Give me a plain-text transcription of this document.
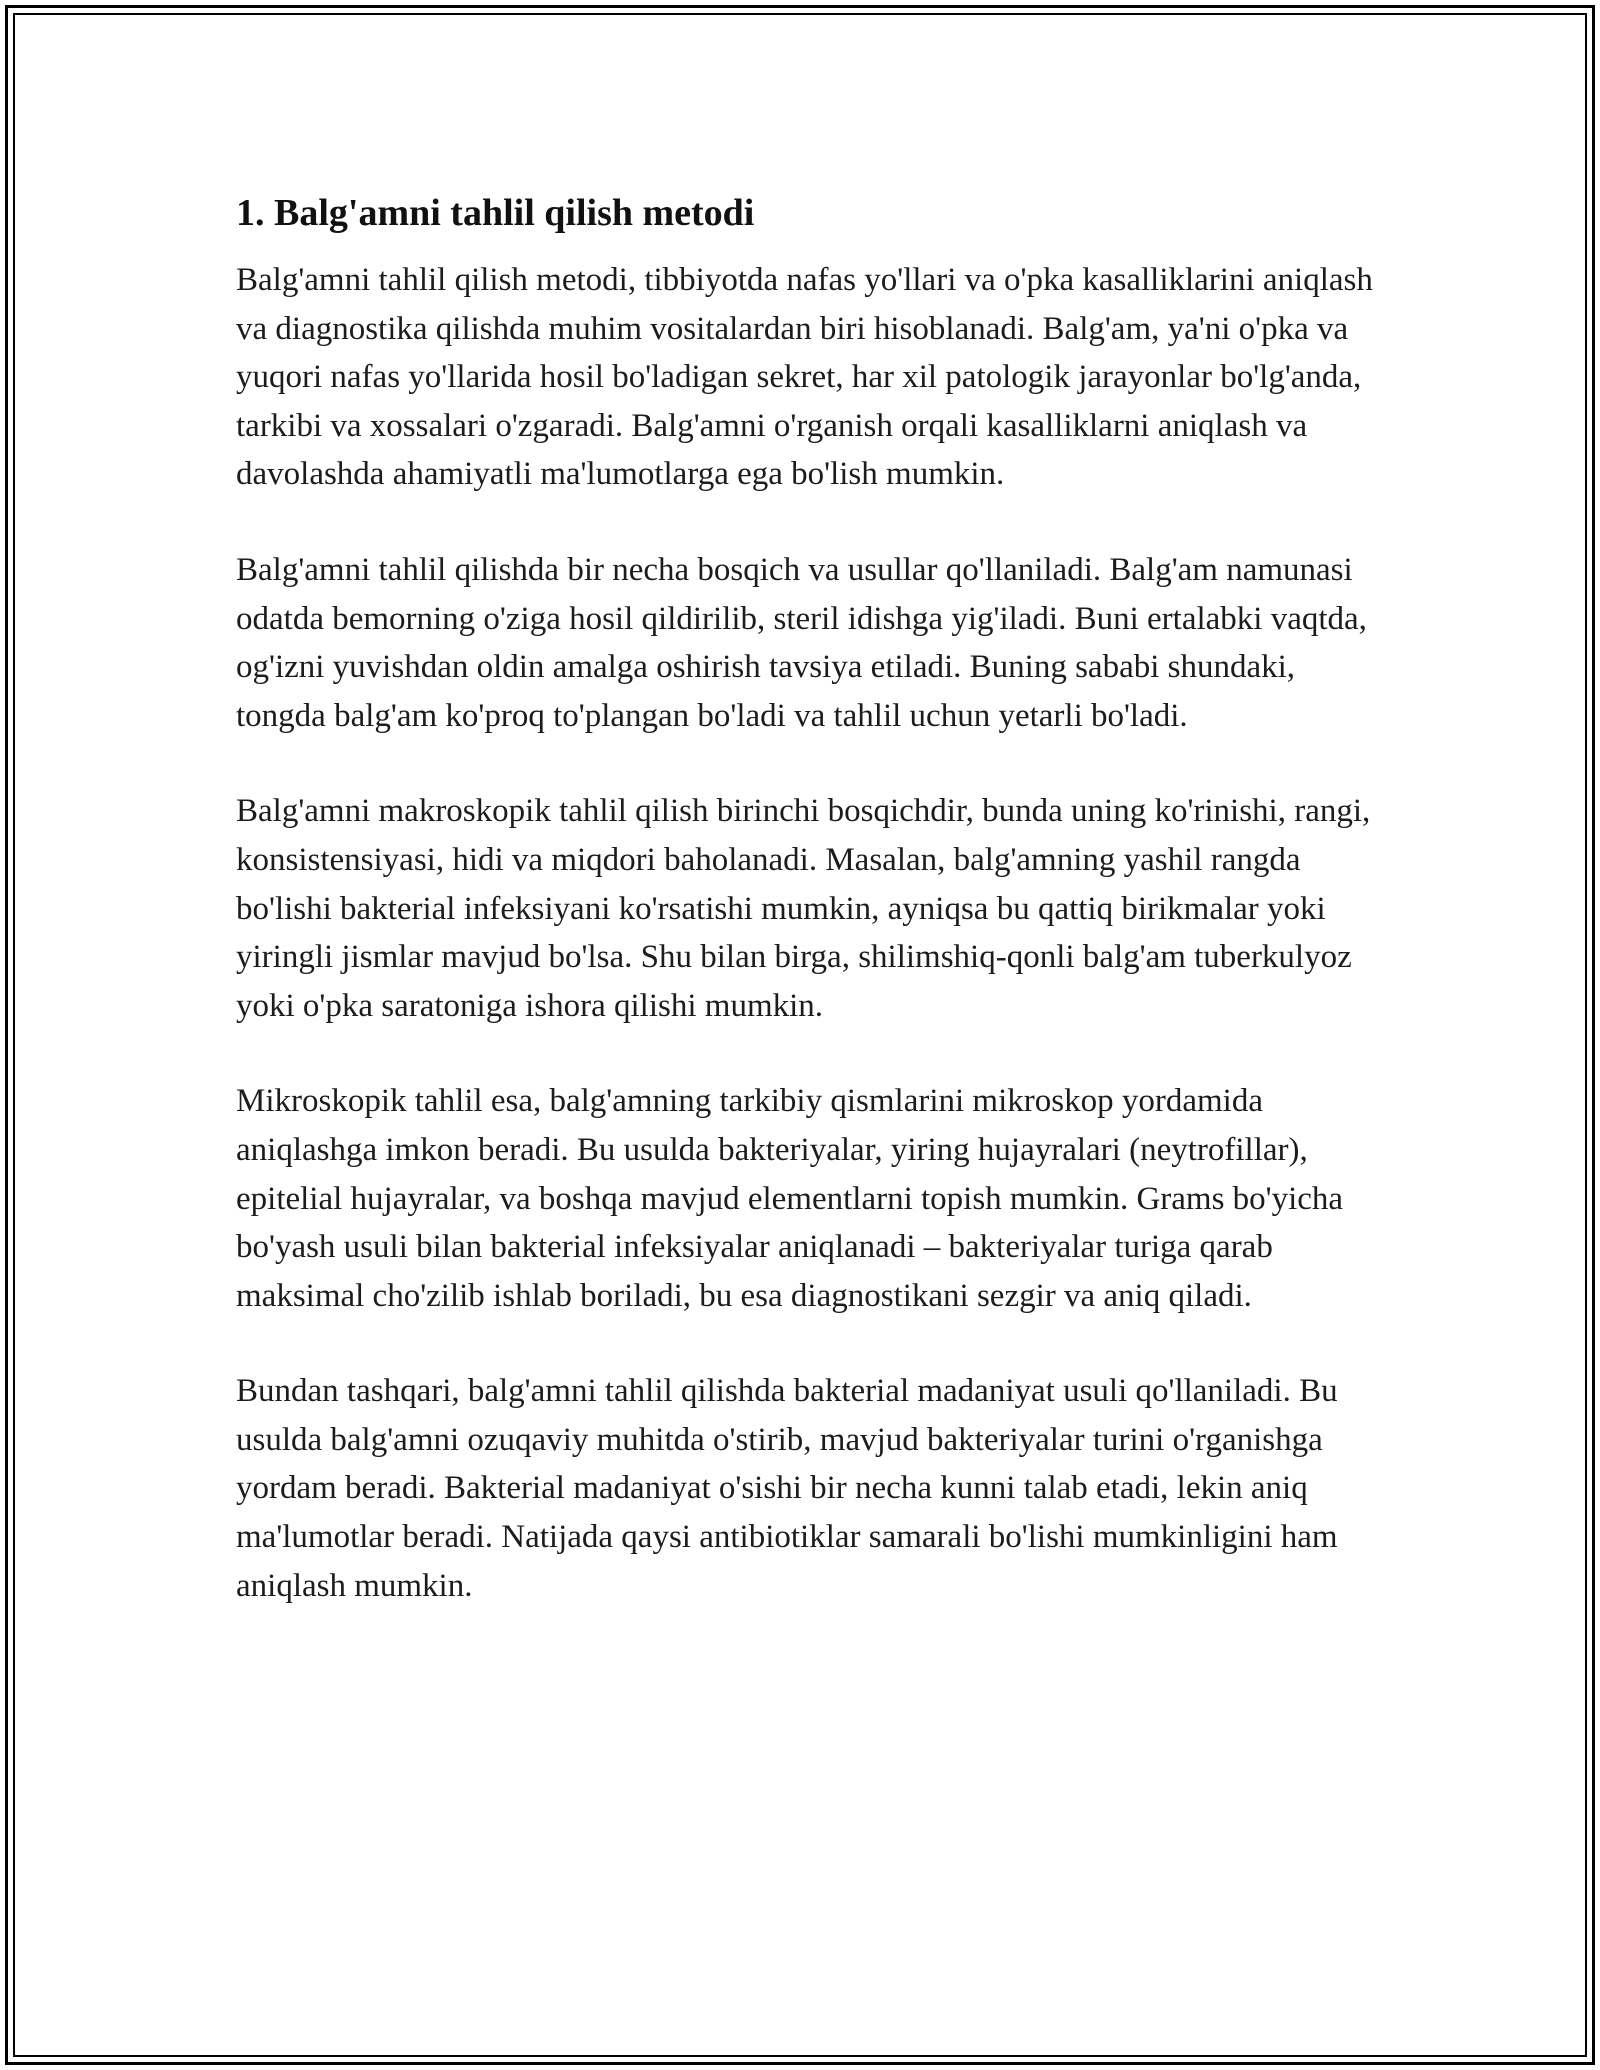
1. Balg'amni tahlil qilish metodi

Balg'amni tahlil qilish metodi, tibbiyotda nafas yo'llari va o'pka kasalliklarini aniqlash va diagnostika qilishda muhim vositalardan biri hisoblanadi. Balg'am, ya'ni o'pka va yuqori nafas yo'llarida hosil bo'ladigan sekret, har xil patologik jarayonlar bo'lg'anda, tarkibi va xossalari o'zgaradi. Balg'amni o'rganish orqali kasalliklarni aniqlash va davolashda ahamiyatli ma'lumotlarga ega bo'lish mumkin.

Balg'amni tahlil qilishda bir necha bosqich va usullar qo'llaniladi. Balg'am namunasi odatda bemorning o'ziga hosil qildirilib, steril idishga yig'iladi. Buni ertalabki vaqtda, og'izni yuvishdan oldin amalga oshirish tavsiya etiladi. Buning sababi shundaki, tongda balg'am ko'proq to'plangan bo'ladi va tahlil uchun yetarli bo'ladi.

Balg'amni makroskopik tahlil qilish birinchi bosqichdir, bunda uning ko'rinishi, rangi, konsistensiyasi, hidi va miqdori baholanadi. Masalan, balg'amning yashil rangda bo'lishi bakterial infeksiyani ko'rsatishi mumkin, ayniqsa bu qattiq birikmalar yoki yiringli jismlar mavjud bo'lsa. Shu bilan birga, shilimshiq-qonli balg'am tuberkulyoz yoki o'pka saratoniga ishora qilishi mumkin.

Mikroskopik tahlil esa, balg'amning tarkibiy qismlarini mikroskop yordamida aniqlashga imkon beradi. Bu usulda bakteriyalar, yiring hujayralari (neytrofillar), epitelial hujayralar, va boshqa mavjud elementlarni topish mumkin. Grams bo'yicha bo'yash usuli bilan bakterial infeksiyalar aniqlanadi – bakteriyalar turiga qarab maksimal cho'zilib ishlab boriladi, bu esa diagnostikani sezgir va aniq qiladi.

Bundan tashqari, balg'amni tahlil qilishda bakterial madaniyat usuli qo'llaniladi. Bu usulda balg'amni ozuqaviy muhitda o'stirib, mavjud bakteriyalar turini o'rganishga yordam beradi. Bakterial madaniyat o'sishi bir necha kunni talab etadi, lekin aniq ma'lumotlar beradi. Natijada qaysi antibiotiklar samarali bo'lishi mumkinligini ham aniqlash mumkin.
